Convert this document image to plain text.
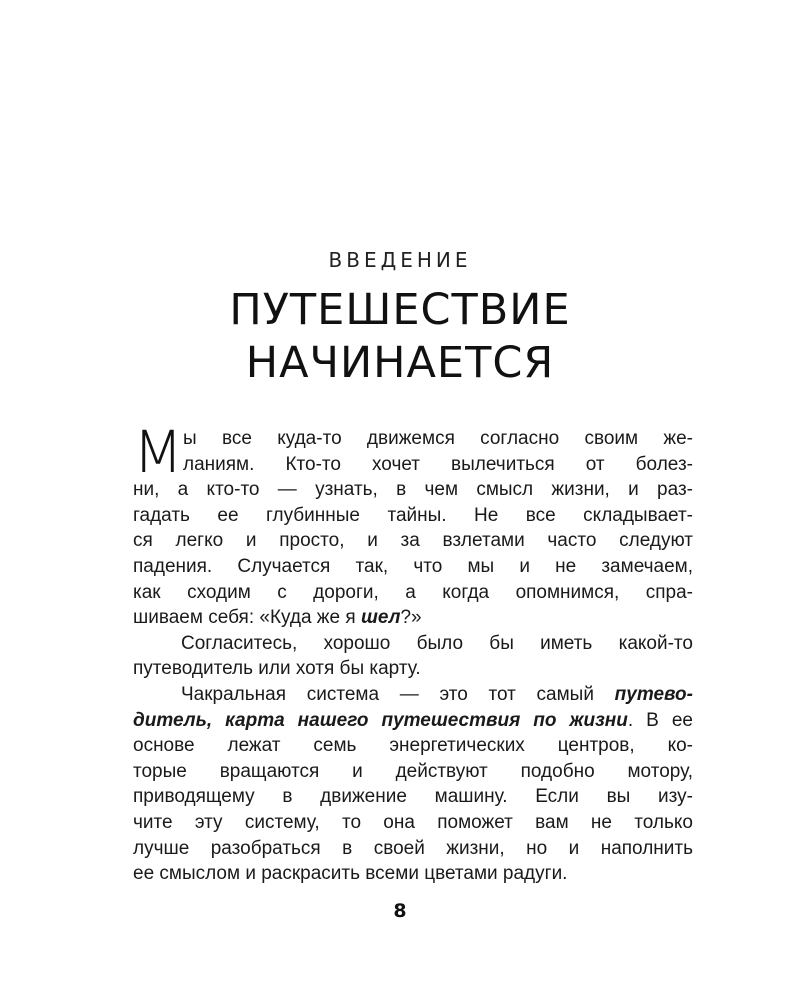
ВВЕДЕНИЕ
ПУТЕШЕСТВИЕ
НАЧИНАЕТСЯ
М ы все куда-то движемся согласно своим же-
ланиям. Кто-то хочет вылечиться от болез-
ни, а кто-то — узнать, в чем смысл жизни, и раз-
гадать ее глубинные тайны. Не все складывает-
ся легко и просто, и за взлетами часто следуют
падения. Случается так, что мы и не замечаем,
как сходим с дороги, а когда опомнимся, спра-
шиваем себя: «Куда же я шел?»
Согласитесь, хорошо было бы иметь какой-то
путеводитель или хотя бы карту.
Чакральная система — это тот самый путево-
дитель, карта нашего путешествия по жизни. В ее
основе лежат семь энергетических центров, ко-
торые вращаются и действуют подобно мотору,
приводящему в движение машину. Если вы изу-
чите эту систему, то она поможет вам не только
лучше разобраться в своей жизни, но и наполнить
ее смыслом и раскрасить всеми цветами радуги.
8
